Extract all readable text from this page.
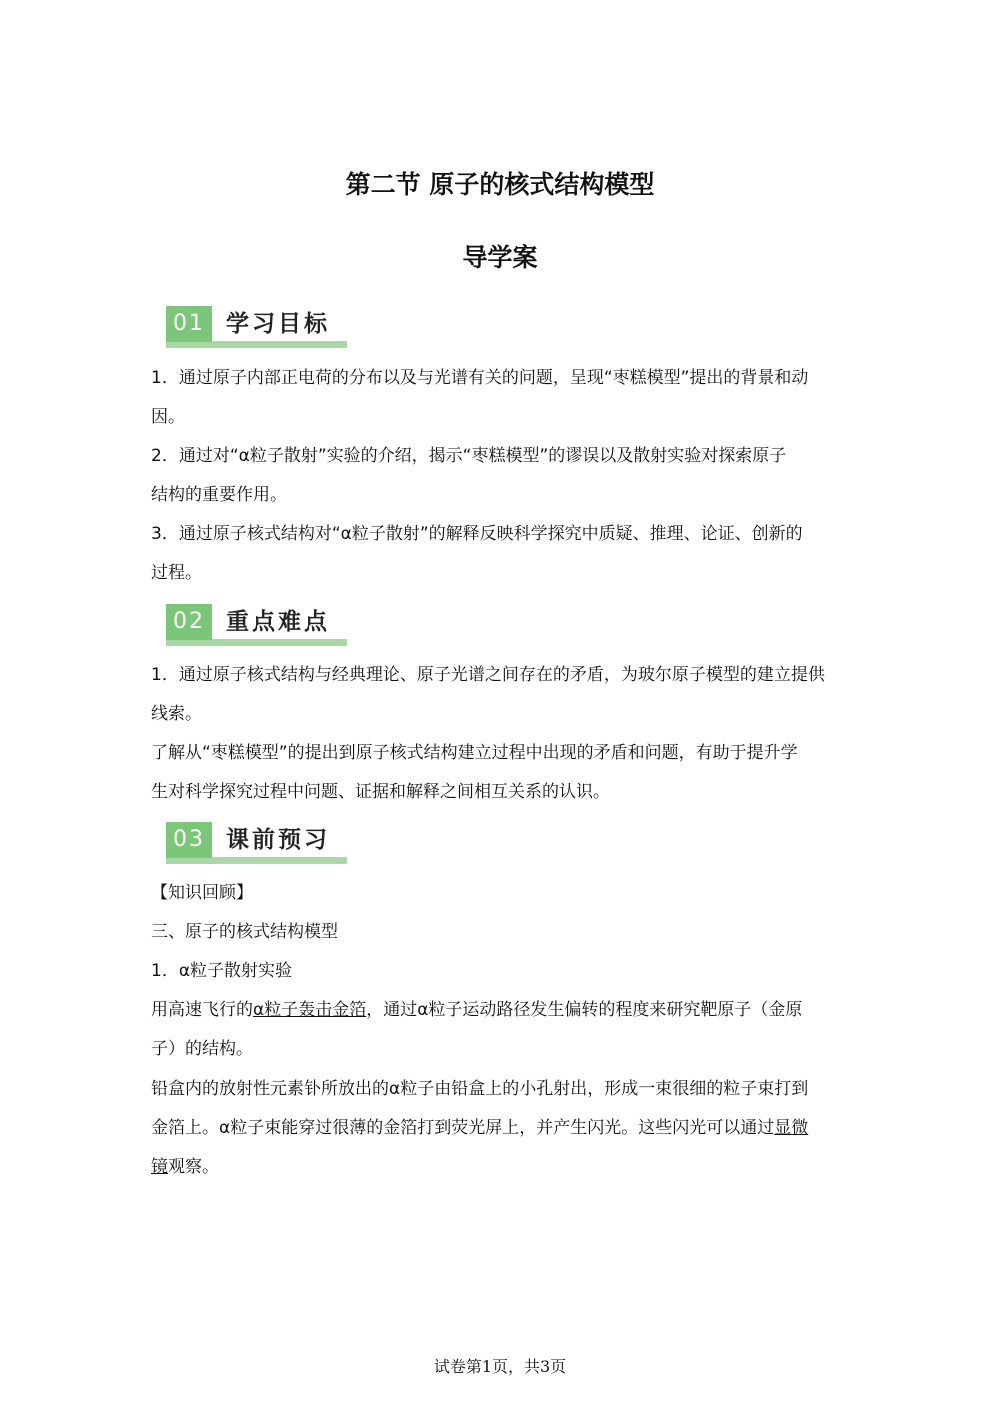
第二节 原子的核式结构模型
导学案
01 学习目标
1．通过原子内部正电荷的分布以及与光谱有关的问题，呈现“枣糕模型”提出的背景和动
因。
2．通过对“α粒子散射”实验的介绍，揭示“枣糕模型”的谬误以及散射实验对探索原子
结构的重要作用。
3．通过原子核式结构对“α粒子散射”的解释反映科学探究中质疑、推理、论证、创新的
过程。
02 重点难点
1．通过原子核式结构与经典理论、原子光谱之间存在的矛盾，为玻尔原子模型的建立提供
线索。
了解从“枣糕模型”的提出到原子核式结构建立过程中出现的矛盾和问题，有助于提升学
生对科学探究过程中问题、证据和解释之间相互关系的认识。
03 课前预习
【知识回顾】
三、原子的核式结构模型
1．α粒子散射实验
用高速飞行的α粒子轰击金箔，通过α粒子运动路径发生偏转的程度来研究靶原子（金原
子）的结构。
铅盒内的放射性元素钋所放出的α粒子由铅盒上的小孔射出，形成一束很细的粒子束打到
金箔上。α粒子束能穿过很薄的金箔打到荧光屏上，并产生闪光。这些闪光可以通过显微
镜观察。
试卷第1页，共3页
